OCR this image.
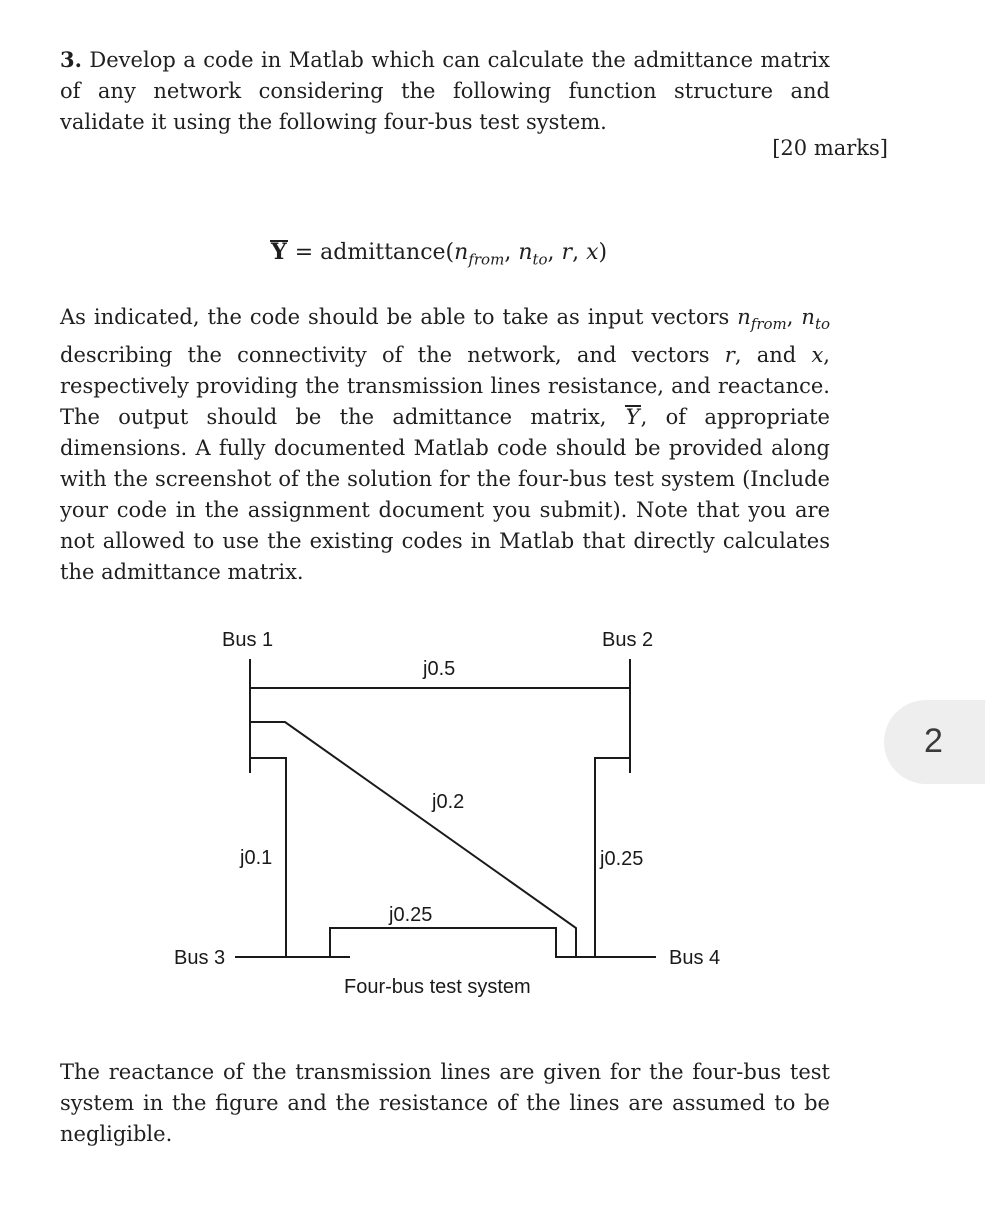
3. Develop a code in Matlab which can calculate the admittance matrix of any network considering the following function structure and validate it using the following four-bus test system.
[20 marks]
$Y = admittance(n_{from}$, $n_{to}$, r, x)
As indicated, the code should be able to take as input vectors $n_{from}$, $n_{to}$ describing the connectivity of the network, and vectors r, and x, respectively providing the transmission lines resistance, and reactance. The output should be the admittance matrix, Y, of appropriate dimensions. A fully documented Matlab code should be provided along with the screenshot of the solution for the four-bus test system (Include your code in the assignment document you submit). Note that you are not allowed to use the existing codes in Matlab that directly calculates the admittance matrix.
Bus 1	Bus 2
Bus 3	Bus 4
j0.5
j0.2
j0.1	j0.25
j0.25
Four-bus test system
The reactance of the transmission lines are given for the four-bus test system in the figure and the resistance of the lines are assumed to be negligible.
2
